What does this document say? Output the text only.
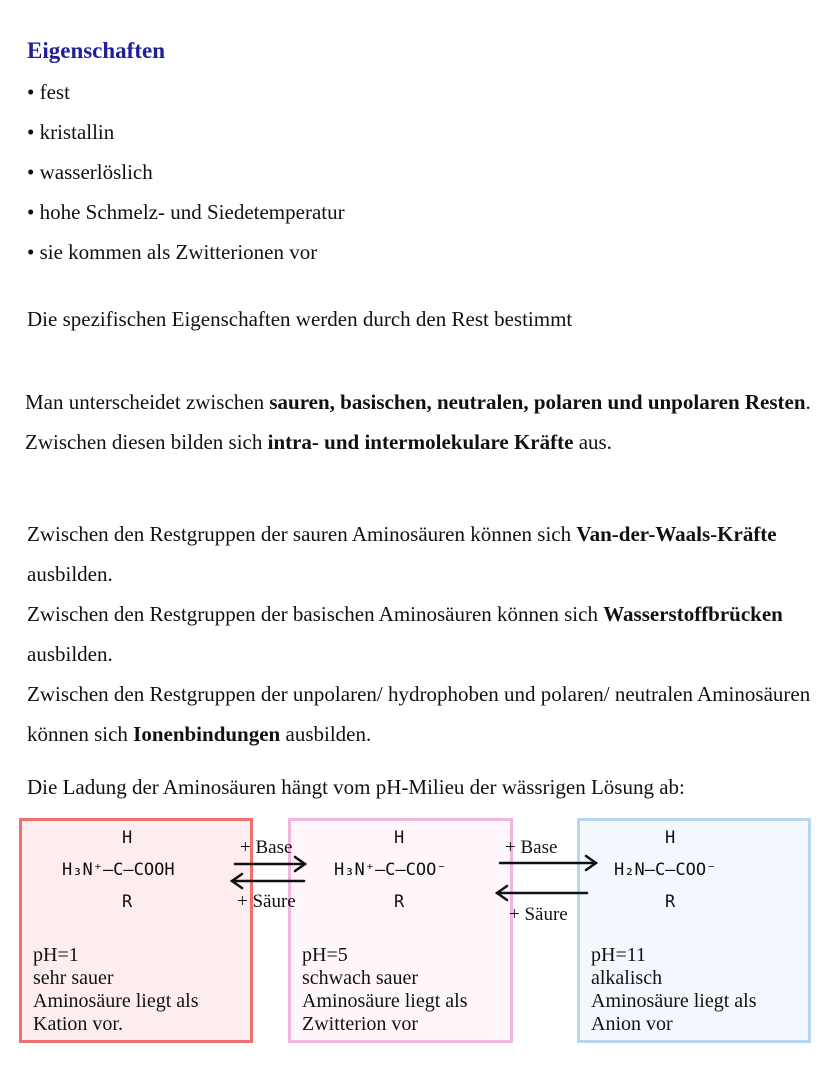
Eigenschaften
• fest
• kristallin
• wasserlöslich
• hohe Schmelz- und Siedetemperatur
• sie kommen als Zwitterionen vor
Die spezifischen Eigenschaften werden durch den Rest bestimmt
Man unterscheidet zwischen sauren, basischen, neutralen, polaren und unpolaren Resten. Zwischen diesen bilden sich intra- und intermolekulare Kräfte aus.
Zwischen den Restgruppen der sauren Aminosäuren können sich Van-der-Waals-Kräfte ausbilden.
Zwischen den Restgruppen der basischen Aminosäuren können sich Wasserstoffbrücken ausbilden.
Zwischen den Restgruppen der unpolaren/ hydrophoben und polaren/ neutralen Aminosäuren können sich Ionenbindungen ausbilden.
Die Ladung der Aminosäuren hängt vom pH-Milieu der wässrigen Lösung ab:
H
H₃N⁺–C–COOH
R
pH=1
sehr sauer
Aminosäure liegt als
Kation vor.
H
H₃N⁺–C–COO⁻
R
pH=5
schwach sauer
Aminosäure liegt als
Zwitterion vor
H
H₂N–C–COO⁻
R
pH=11
alkalisch
Aminosäure liegt als
Anion vor
+ Base
+ Säure
+ Base
+ Säure
